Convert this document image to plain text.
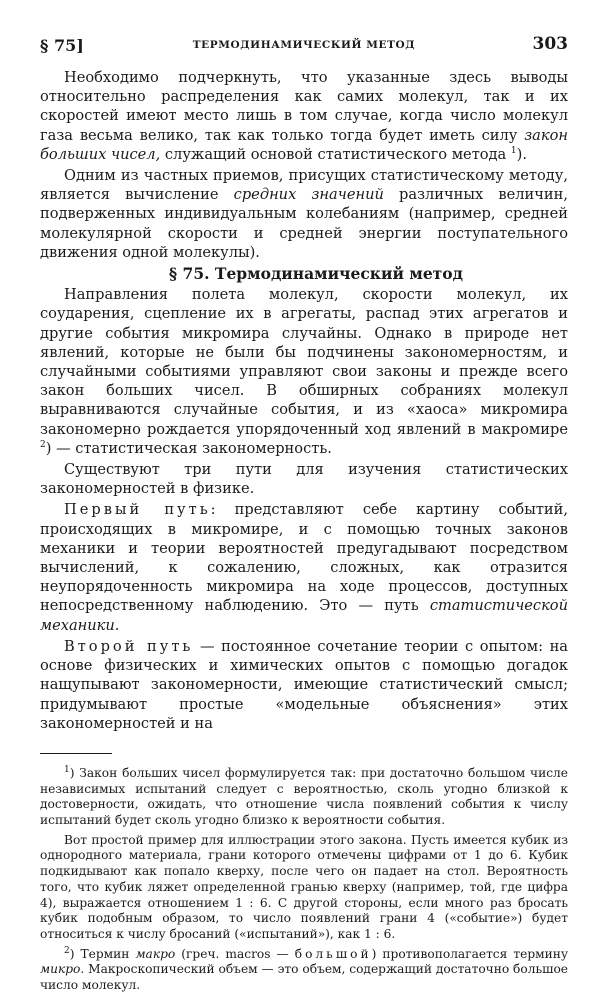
§ 75]	ТЕРМОДИНАМИЧЕСКИЙ МЕТОД	303

Необходимо подчеркнуть, что указанные здесь выводы относительно распределения как самих молекул, так и их скоростей имеют место лишь в том случае, когда число молекул газа весьма велико, так как только тогда будет иметь силу закон больших чисел, служащий основой статистического метода $^1$).

Одним из частных приемов, присущих статистическому методу, является вычисление средних значений различных величин, подверженных индивидуальным колебаниям (например, средней молекулярной скорости и средней энергии поступательного движения одной молекулы).

§ 75. Термодинамический метод

Направления полета молекул, скорости молекул, их соударения, сцепление их в агрегаты, распад этих агрегатов и другие события микромира случайны. Однако в природе нет явлений, которые не были бы подчинены закономерностям, и случайными событиями управляют свои законы и прежде всего закон больших чисел. В обширных собраниях молекул выравниваются случайные события, и из «хаоса» микромира закономерно рождается упорядоченный ход явлений в макромире $^2$) — статистическая закономерность.

Существуют три пути для изучения статистических закономерностей в физике.

Первый путь: представляют себе картину событий, происходящих в микромире, и с помощью точных законов механики и теории вероятностей предугадывают посредством вычислений, к сожалению, сложных, как отразится неупорядоченность микромира на ходе процессов, доступных непосредственному наблюдению. Это — путь статистической механики.

Второй путь — постоянное сочетание теории с опытом: на основе физических и химических опытов с помощью догадок нащупывают закономерности, имеющие статистический смысл; придумывают простые «модельные объяснения» этих закономерностей и на

$^1$) Закон больших чисел формулируется так: при достаточно большом числе независимых испытаний следует с вероятностью, сколь угодно близкой к достоверности, ожидать, что отношение числа появлений события к числу испытаний будет сколь угодно близко к вероятности события.

Вот простой пример для иллюстрации этого закона. Пусть имеется кубик из однородного материала, грани которого отмечены цифрами от 1 до 6. Кубик подкидывают как попало кверху, после чего он падает на стол. Вероятность того, что кубик ляжет определенной гранью кверху (например, той, где цифра 4), выражается отношением 1 : 6. С другой стороны, если много раз бросать кубик подобным образом, то число появлений грани 4 («событие») будет относиться к числу бросаний («испытаний»), как 1 : 6.

$^2$) Термин макро (греч. macros — большой) противополагается термину микро. Макроскопический объем — это объем, содержащий достаточно большое число молекул.
